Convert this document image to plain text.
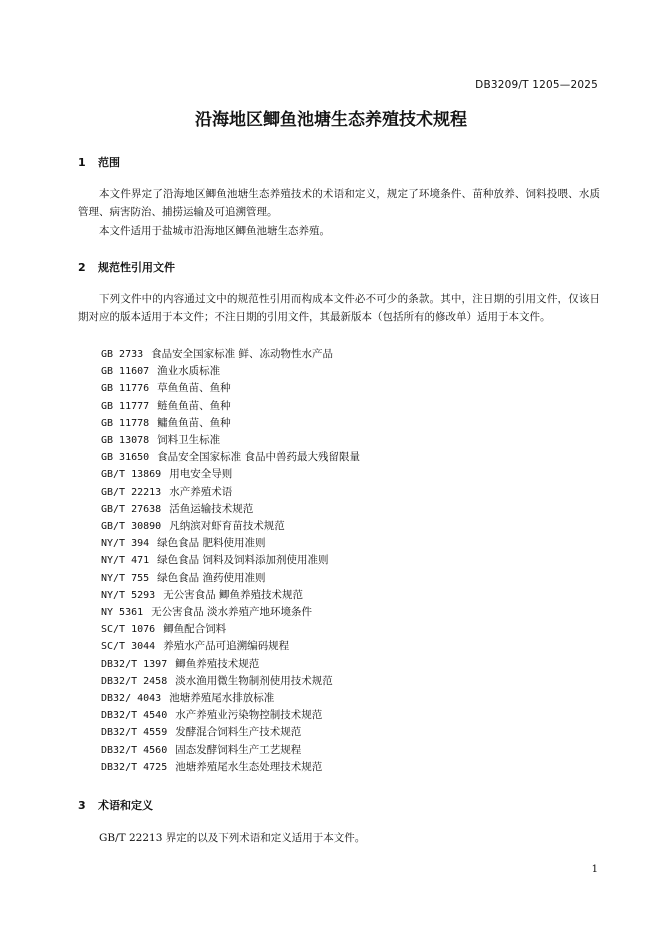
DB3209/T 1205—2025
沿海地区鲫鱼池塘生态养殖技术规程
1 范围

本文件界定了沿海地区鲫鱼池塘生态养殖技术的术语和定义，规定了环境条件、苗种放养、饲料投喂、水质管理、病害防治、捕捞运输及可追溯管理。

本文件适用于盐城市沿海地区鲫鱼池塘生态养殖。

2 规范性引用文件

下列文件中的内容通过文中的规范性引用而构成本文件必不可少的条款。其中，注日期的引用文件，仅该日期对应的版本适用于本文件；不注日期的引用文件，其最新版本（包括所有的修改单）适用于本文件。

GB 2733 食品安全国家标准 鲜、冻动物性水产品
GB 11607 渔业水质标准
GB 11776 草鱼鱼苗、鱼种
GB 11777 鲢鱼鱼苗、鱼种
GB 11778 鳙鱼鱼苗、鱼种
GB 13078 饲料卫生标准
GB 31650 食品安全国家标准 食品中兽药最大残留限量
GB/T 13869 用电安全导则
GB/T 22213 水产养殖术语
GB/T 27638 活鱼运输技术规范
GB/T 30890 凡纳滨对虾育苗技术规范
NY/T 394 绿色食品 肥料使用准则
NY/T 471 绿色食品 饲料及饲料添加剂使用准则
NY/T 755 绿色食品 渔药使用准则
NY/T 5293 无公害食品 鲫鱼养殖技术规范
NY 5361 无公害食品 淡水养殖产地环境条件
SC/T 1076 鲫鱼配合饲料
SC/T 3044 养殖水产品可追溯编码规程
DB32/T 1397 鲫鱼养殖技术规范
DB32/T 2458 淡水渔用微生物制剂使用技术规范
DB32/ 4043 池塘养殖尾水排放标准
DB32/T 4540 水产养殖业污染物控制技术规范
DB32/T 4559 发酵混合饲料生产技术规范
DB32/T 4560 固态发酵饲料生产工艺规程
DB32/T 4725 池塘养殖尾水生态处理技术规范
3 术语和定义

GB/T 22213 界定的以及下列术语和定义适用于本文件。

1
